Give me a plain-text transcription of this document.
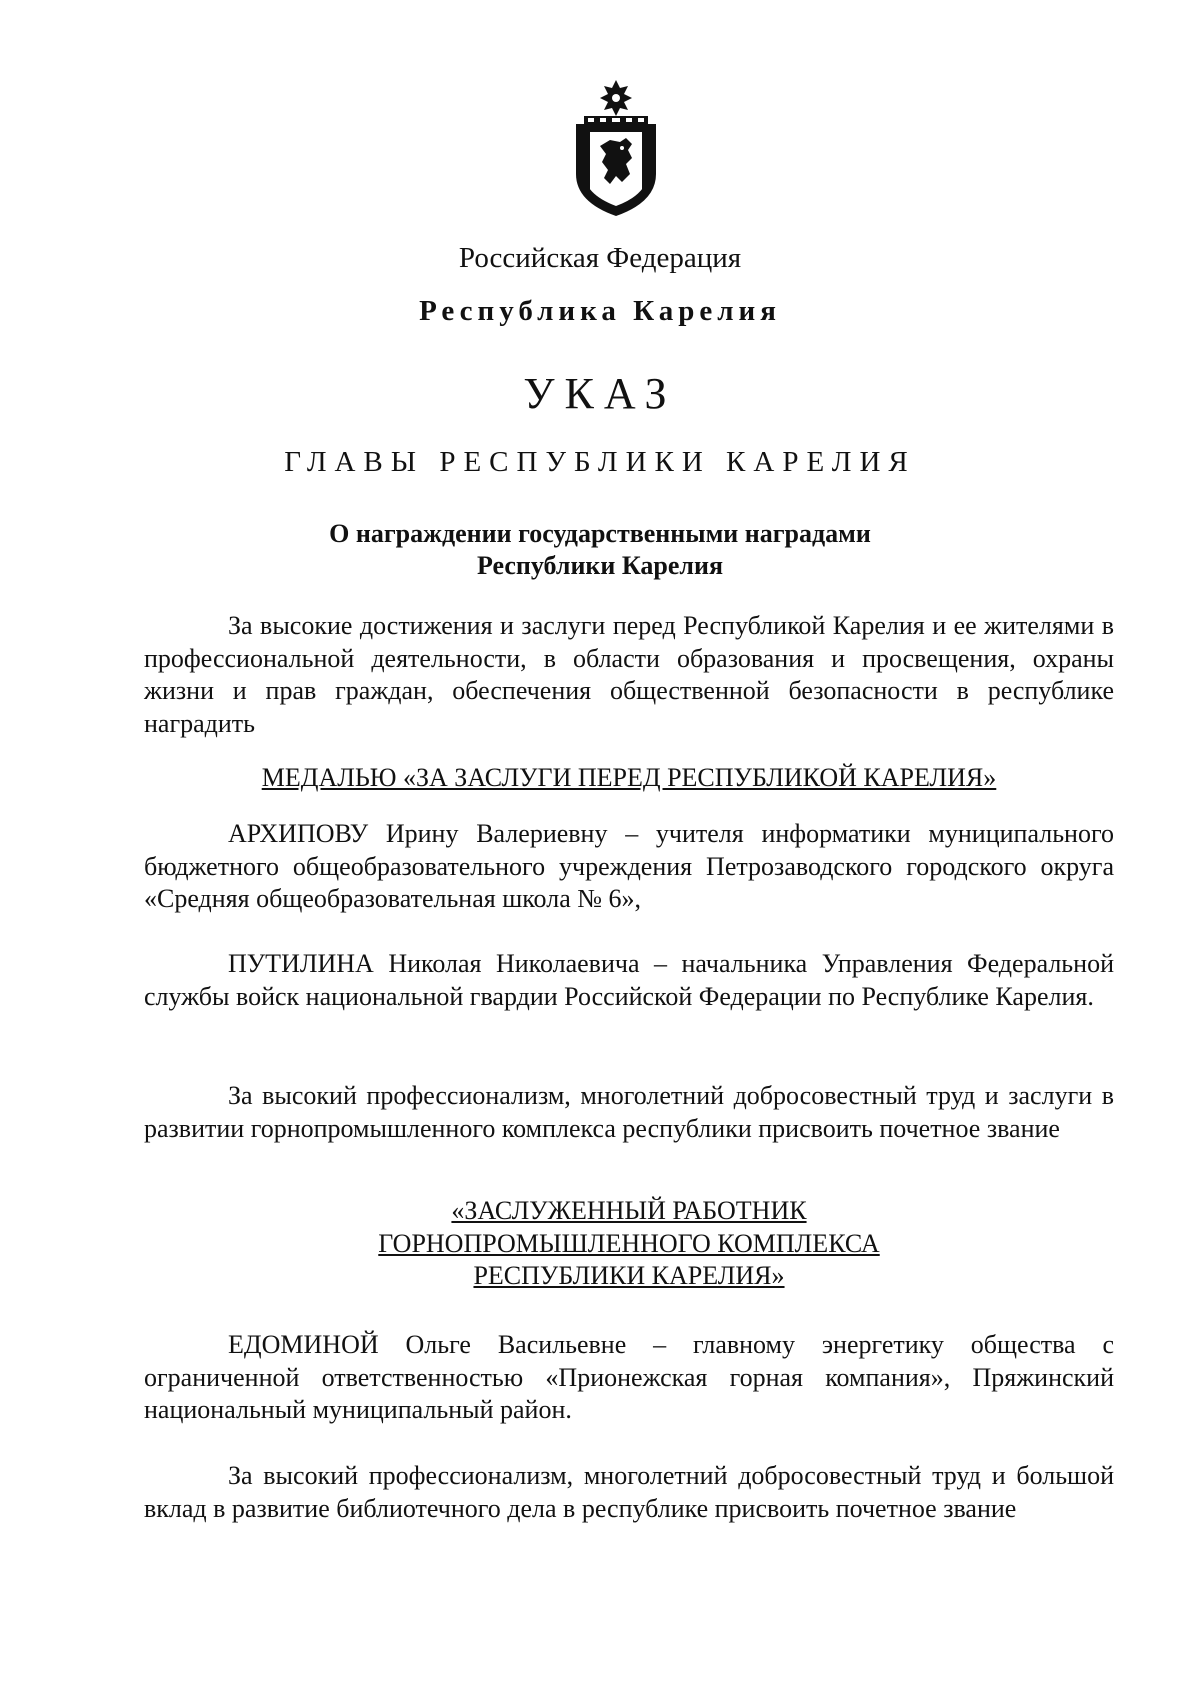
Российская Федерация
Республика Карелия
УКАЗ
ГЛАВЫ РЕСПУБЛИКИ КАРЕЛИЯ
О награждении государственными наградами
Республики Карелия
За высокие достижения и заслуги перед Республикой Карелия и ее жителями в профессиональной деятельности, в области образования и просвещения, охраны жизни и прав граждан, обеспечения общественной безопасности в республике наградить
МЕДАЛЬЮ «ЗА ЗАСЛУГИ ПЕРЕД РЕСПУБЛИКОЙ КАРЕЛИЯ»
АРХИПОВУ Ирину Валериевну – учителя информатики муниципального бюджетного общеобразовательного учреждения Петрозаводского городского округа «Средняя общеобразовательная школа № 6»,
ПУТИЛИНА Николая Николаевича – начальника Управления Федеральной службы войск национальной гвардии Российской Федерации по Республике Карелия.
За высокий профессионализм, многолетний добросовестный труд и заслуги в развитии горнопромышленного комплекса республики присвоить почетное звание
«ЗАСЛУЖЕННЫЙ РАБОТНИК
ГОРНОПРОМЫШЛЕННОГО КОМПЛЕКСА
РЕСПУБЛИКИ КАРЕЛИЯ»
ЕДОМИНОЙ Ольге Васильевне – главному энергетику общества с ограниченной ответственностью «Прионежская горная компания», Пряжинский национальный муниципальный район.
За высокий профессионализм, многолетний добросовестный труд и большой вклад в развитие библиотечного дела в республике присвоить почетное звание
